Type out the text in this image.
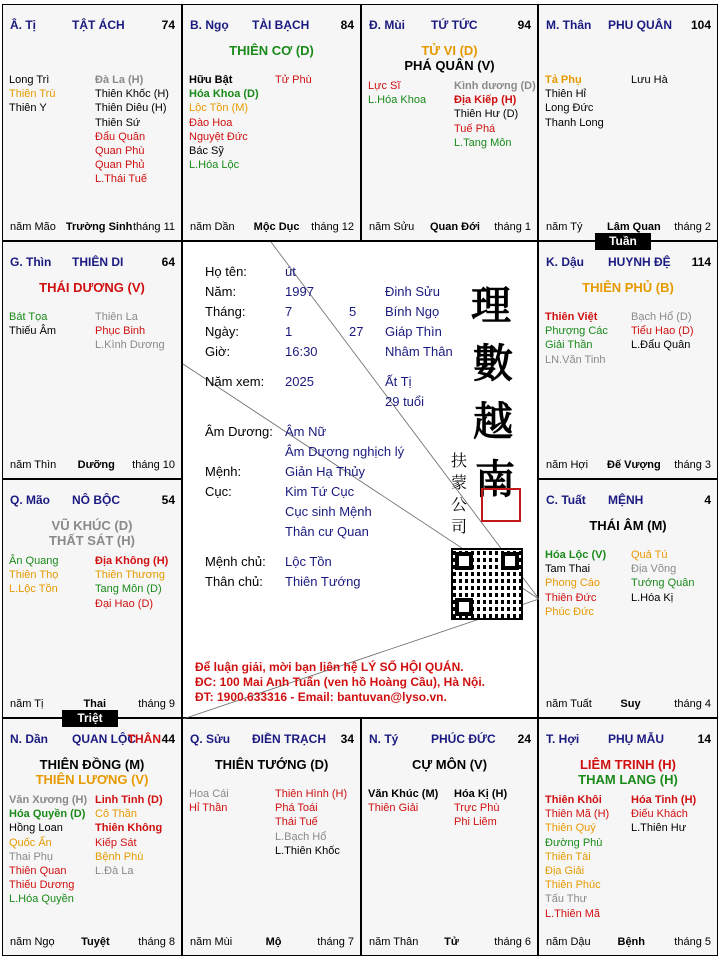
Â. Tị	TẬT ÁCH	74
Long Trì
Thiên Trù
Thiên Y
Đà La (H)
Thiên Khốc (H)
Thiên Diêu (H)
Thiên Sứ
Đẩu Quân
Quan Phù
Quan Phủ
L.Thái Tuế
năm Mão Trường Sinh tháng 11
B. Ngọ TÀI BẠCH	84
THIÊN CƠ (D)
Hữu Bật
Hóa Khoa (D)
Lộc Tồn (M)
Đào Hoa
Nguyệt Đức
Bác Sỹ
L.Hóa Lộc
Tử Phù
năm Dần Mộc Dục tháng 12
Đ. Mùi TỨ TỨC	94
TỬ VI (D)
PHÁ QUÂN (V)
Lực Sĩ
L.Hóa Khoa
Kình dương (D)
Địa Kiếp (H)
Thiên Hư (D)
Tuế Phá
L.Tang Môn
năm Sửu Quan Đới tháng 1
M. Thân PHU QUÂN 104
Tả Phụ
Thiên Hỉ
Long Đức
Thanh Long
Lưu Hà
năm Tý Lâm Quan tháng 2
G. Thìn THIÊN DI	64
THÁI DƯƠNG (V)
Bát Tọa
Thiếu Âm
Thiên La
Phục Binh
L.Kình Dương
năm Thìn Dưỡng tháng 10
K. Dậu HUYNH ĐỆ 114
THIÊN PHỦ (B)
Thiên Việt
Phượng Các
Giải Thần
LN.Văn Tinh
Bạch Hổ (D)
Tiểu Hao (D)
L.Đẩu Quân
năm Hợi Đế Vượng tháng 3
Q. Mão NÔ BỘC	54
VŨ KHÚC (D)
THẤT SÁT (H)
Ân Quang
Thiên Thọ
L.Lộc Tồn
Địa Không (H)
Thiên Thương
Tang Môn (D)
Đại Hao (D)
năm Tị	Thai	tháng 9
C. Tuất MỆNH	4
THÁI ÂM (M)
Hóa Lộc (V)
Tam Thai
Phong Cáo
Thiên Đức
Phúc Đức
Quả Tú
Địa Võng
Tướng Quân
L.Hóa Kị
năm Tuất	Suy	tháng 4
N. Dần QUAN LỘC
THÂN 44
THIÊN ĐỒNG (M)
THIÊN LƯƠNG (V)
Văn Xương (H)
Hóa Quyền (D)
Hồng Loan
Quốc Ấn
Thai Phụ
Thiên Quan
Thiếu Dương
L.Hóa Quyền
Linh Tinh (D)
Cô Thần
Thiên Không
Kiếp Sát
Bệnh Phù
L.Đà La
năm Ngọ Tuyệt	tháng 8
Q. Sửu ĐIỀN TRẠCH 34
THIÊN TƯỚNG (D)
Hoa Cái
Hỉ Thần
Thiên Hình (H)
Phá Toái
Thái Tuế
L.Bạch Hổ
L.Thiên Khốc
năm Mùi	Mộ	tháng 7
N. Tý	PHÚC ĐỨC 24
CỰ MÔN (V)
Văn Khúc (M)
Thiên Giải
Hóa Kị (H)
Trực Phù
Phi Liêm
năm Thân Tử	tháng 6
T. Hợi PHỤ MẪU	14
LIÊM TRINH (H)
THAM LANG (H)
Thiên Khôi
Thiên Mã (H)
Thiên Quý
Đường Phù
Thiên Tài
Địa Giải
Thiên Phúc
Tấu Thư
L.Thiên Mã
Hóa Tinh (H)
Điếu Khách
L.Thiên Hư
năm Dậu Bệnh	tháng 5
Họ tên:	út
Năm:	1997	Đinh Sửu
Tháng:	7	5 Bính Ngọ
Ngày:	1	27 Giáp Thìn
Giờ:	16:30	Nhâm Thân
Năm xem: 2025	Ất Tị
29 tuổi
Âm Dương: Âm Nữ
Âm Dương nghịch lý
Mệnh:	Giản Hạ Thủy
Cục:	Kim Tứ Cục
Cục sinh Mệnh
Thân cư Quan
Mệnh chủ: Lộc Tồn
Thân chủ: Thiên Tướng
理
數
越
南
扶
蒙
公
司
Để luận giải, mời bạn liên hệ LÝ SỐ HỘI QUÁN.
ĐC: 100 Mai Anh Tuấn (ven hồ Hoàng Cầu), Hà Nội.
ĐT: 1900.633316 - Email: bantuvan@lyso.vn.
Tuần
Triệt
